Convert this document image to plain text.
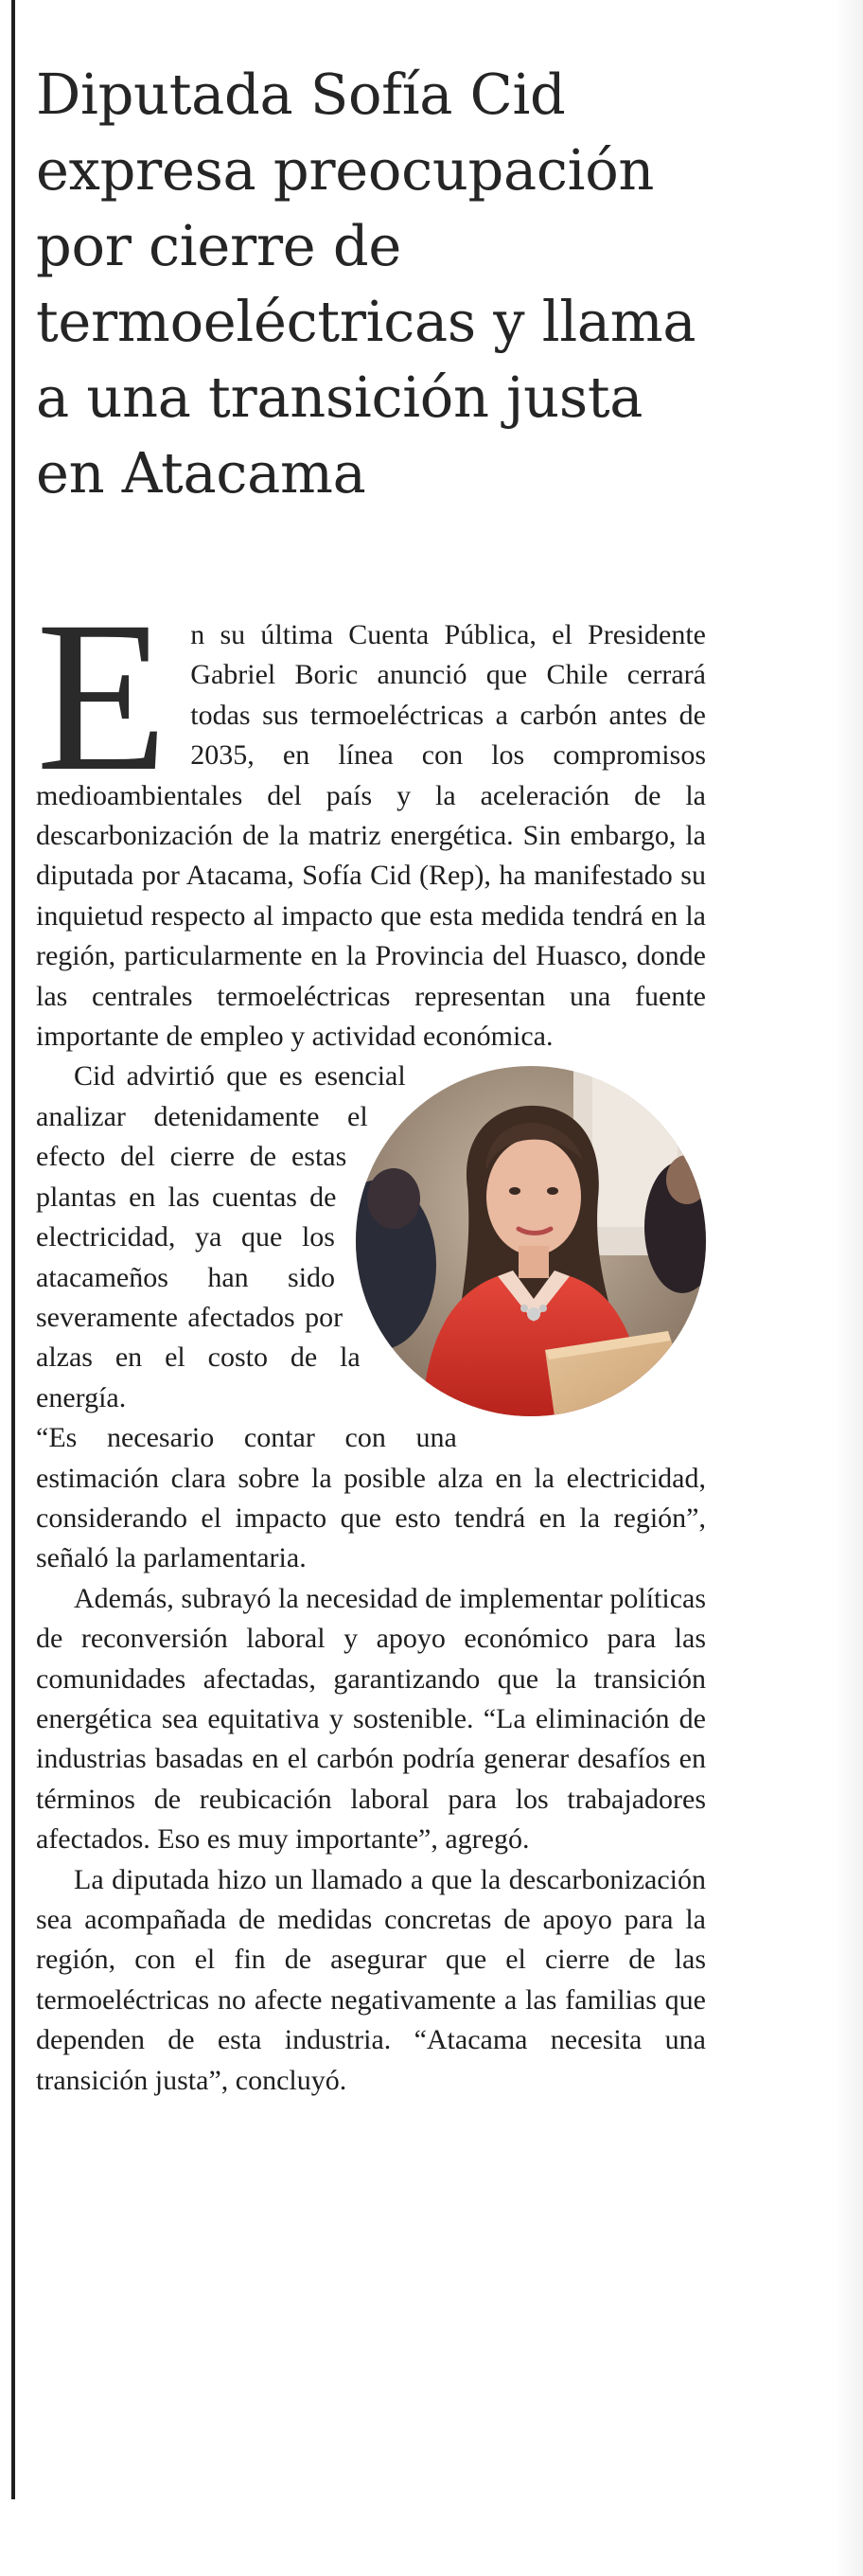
Diputada Sofía Cid expresa preocupación por cierre de termoeléctricas y llama a una transición justa en Atacama
E n su última Cuenta Pública, el Presidente Gabriel Boric anunció que Chile cerrará todas sus termoeléctricas a carbón antes de 2035, en línea con los compromisos medioambientales del país y la aceleración de la descarbonización de la matriz energética. Sin embargo, la diputada por Atacama, Sofía Cid (Rep), ha manifestado su inquietud respecto al impacto que esta medida tendrá en la región, particularmente en la Provincia del Huasco, donde las centrales termoeléctricas representan una fuente importante de empleo y actividad económica.

Cid advirtió que es esencial analizar detenidamente el efecto del cierre de estas plantas en las cuentas de electricidad, ya que los atacameños han sido severamente afectados por alzas en el costo de la energía.

“Es necesario contar con una estimación clara sobre la posible alza en la electricidad, considerando el impacto que esto tendrá en la región”, señaló la parlamentaria.

Además, subrayó la necesidad de implementar políticas de reconversión laboral y apoyo económico para las comunidades afectadas, garantizando que la transición energética sea equitativa y sostenible. “La eliminación de industrias basadas en el carbón podría generar desafíos en términos de reubicación laboral para los trabajadores afectados. Eso es muy importante”, agregó.

La diputada hizo un llamado a que la descarbonización sea acompañada de medidas concretas de apoyo para la región, con el fin de asegurar que el cierre de las termoeléctricas no afecte negativamente a las familias que dependen de esta industria. “Atacama necesita una transición justa”, concluyó.
